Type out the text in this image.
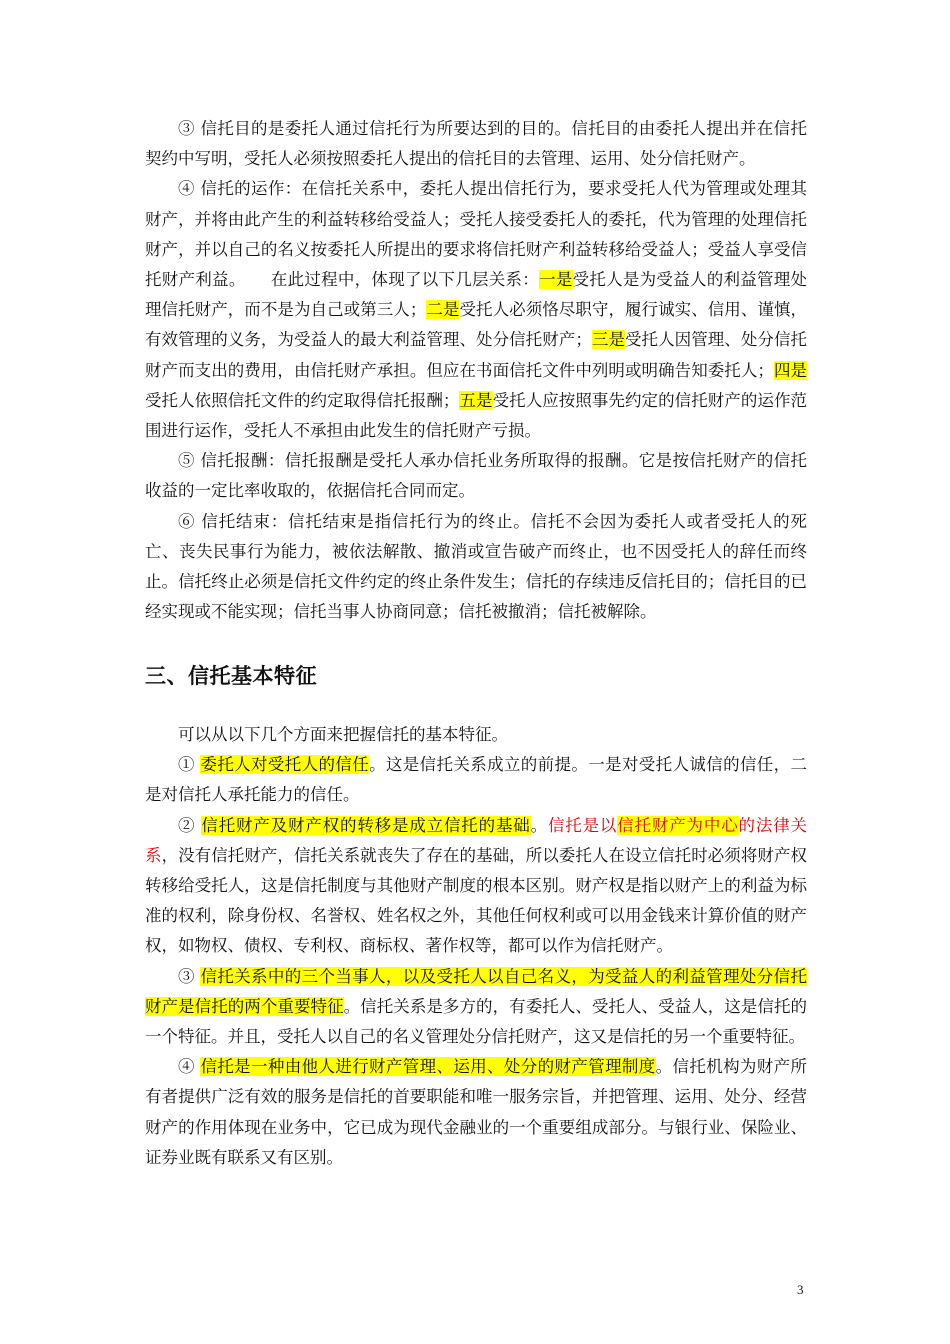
③ 信托目的是委托人通过信托行为所要达到的目的。信托目的由委托人提出并在信托契约中写明，受托人必须按照委托人提出的信托目的去管理、运用、处分信托财产。

④ 信托的运作：在信托关系中，委托人提出信托行为，要求受托人代为管理或处理其财产，并将由此产生的利益转移给受益人；受托人接受委托人的委托，代为管理的处理信托财产，并以自己的名义按委托人所提出的要求将信托财产利益转移给受益人；受益人享受信托财产利益。　　在此过程中，体现了以下几层关系：一是受托人是为受益人的利益管理处理信托财产，而不是为自己或第三人；二是受托人必须恪尽职守，履行诚实、信用、谨慎，有效管理的义务，为受益人的最大利益管理、处分信托财产；三是受托人因管理、处分信托财产而支出的费用，由信托财产承担。但应在书面信托文件中列明或明确告知委托人；四是受托人依照信托文件的约定取得信托报酬；五是受托人应按照事先约定的信托财产的运作范围进行运作，受托人不承担由此发生的信托财产亏损。

⑤ 信托报酬：信托报酬是受托人承办信托业务所取得的报酬。它是按信托财产的信托收益的一定比率收取的，依据信托合同而定。

⑥ 信托结束：信托结束是指信托行为的终止。信托不会因为委托人或者受托人的死亡、丧失民事行为能力，被依法解散、撤消或宣告破产而终止，也不因受托人的辞任而终止。信托终止必须是信托文件约定的终止条件发生；信托的存续违反信托目的；信托目的已经实现或不能实现；信托当事人协商同意；信托被撤消；信托被解除。

三、信托基本特征

可以从以下几个方面来把握信托的基本特征。

① 委托人对受托人的信任。这是信托关系成立的前提。一是对受托人诚信的信任，二是对信托人承托能力的信任。

② 信托财产及财产权的转移是成立信托的基础。信托是以信托财产为中心的法律关系，没有信托财产，信托关系就丧失了存在的基础，所以委托人在设立信托时必须将财产权转移给受托人，这是信托制度与其他财产制度的根本区别。财产权是指以财产上的利益为标准的权利，除身份权、名誉权、姓名权之外，其他任何权利或可以用金钱来计算价值的财产权，如物权、债权、专利权、商标权、著作权等，都可以作为信托财产。

③ 信托关系中的三个当事人，以及受托人以自己名义，为受益人的利益管理处分信托财产是信托的两个重要特征。信托关系是多方的，有委托人、受托人、受益人，这是信托的一个特征。并且，受托人以自己的名义管理处分信托财产，这又是信托的另一个重要特征。

④ 信托是一种由他人进行财产管理、运用、处分的财产管理制度。信托机构为财产所有者提供广泛有效的服务是信托的首要职能和唯一服务宗旨，并把管理、运用、处分、经营财产的作用体现在业务中，它已成为现代金融业的一个重要组成部分。与银行业、保险业、证券业既有联系又有区别。

3
